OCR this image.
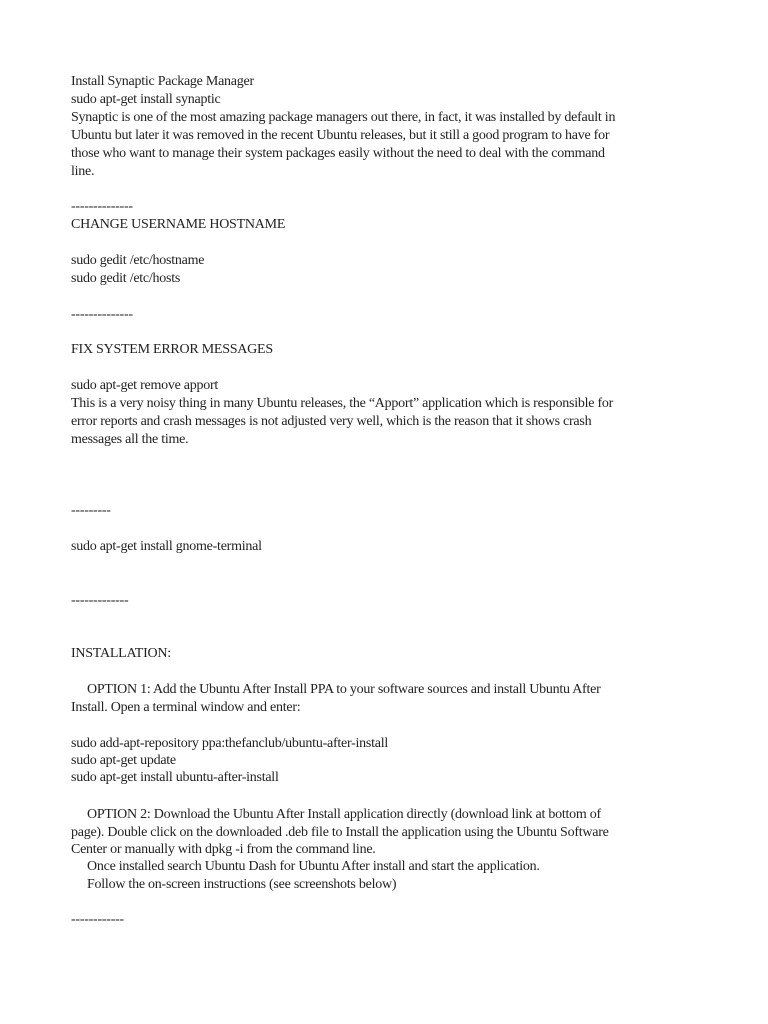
Install Synaptic Package Manager
sudo apt-get install synaptic
Synaptic is one of the most amazing package managers out there, in fact, it was installed by default in
Ubuntu but later it was removed in the recent Ubuntu releases, but it still a good program to have for
those who want to manage their system packages easily without the need to deal with the command
line.
--------------
CHANGE USERNAME HOSTNAME
sudo gedit /etc/hostname
sudo gedit /etc/hosts
--------------
FIX SYSTEM ERROR MESSAGES
sudo apt-get remove apport
This is a very noisy thing in many Ubuntu releases, the “Apport” application which is responsible for
error reports and crash messages is not adjusted very well, which is the reason that it shows crash
messages all the time.
---------
sudo apt-get install gnome-terminal
-------------
INSTALLATION:
OPTION 1: Add the Ubuntu After Install PPA to your software sources and install Ubuntu After
Install. Open a terminal window and enter:
sudo add-apt-repository ppa:thefanclub/ubuntu-after-install
sudo apt-get update
sudo apt-get install ubuntu-after-install
OPTION 2: Download the Ubuntu After Install application directly (download link at bottom of
page). Double click on the downloaded .deb file to Install the application using the Ubuntu Software
Center or manually with dpkg -i from the command line.
Once installed search Ubuntu Dash for Ubuntu After install and start the application.
Follow the on-screen instructions (see screenshots below)
------------
